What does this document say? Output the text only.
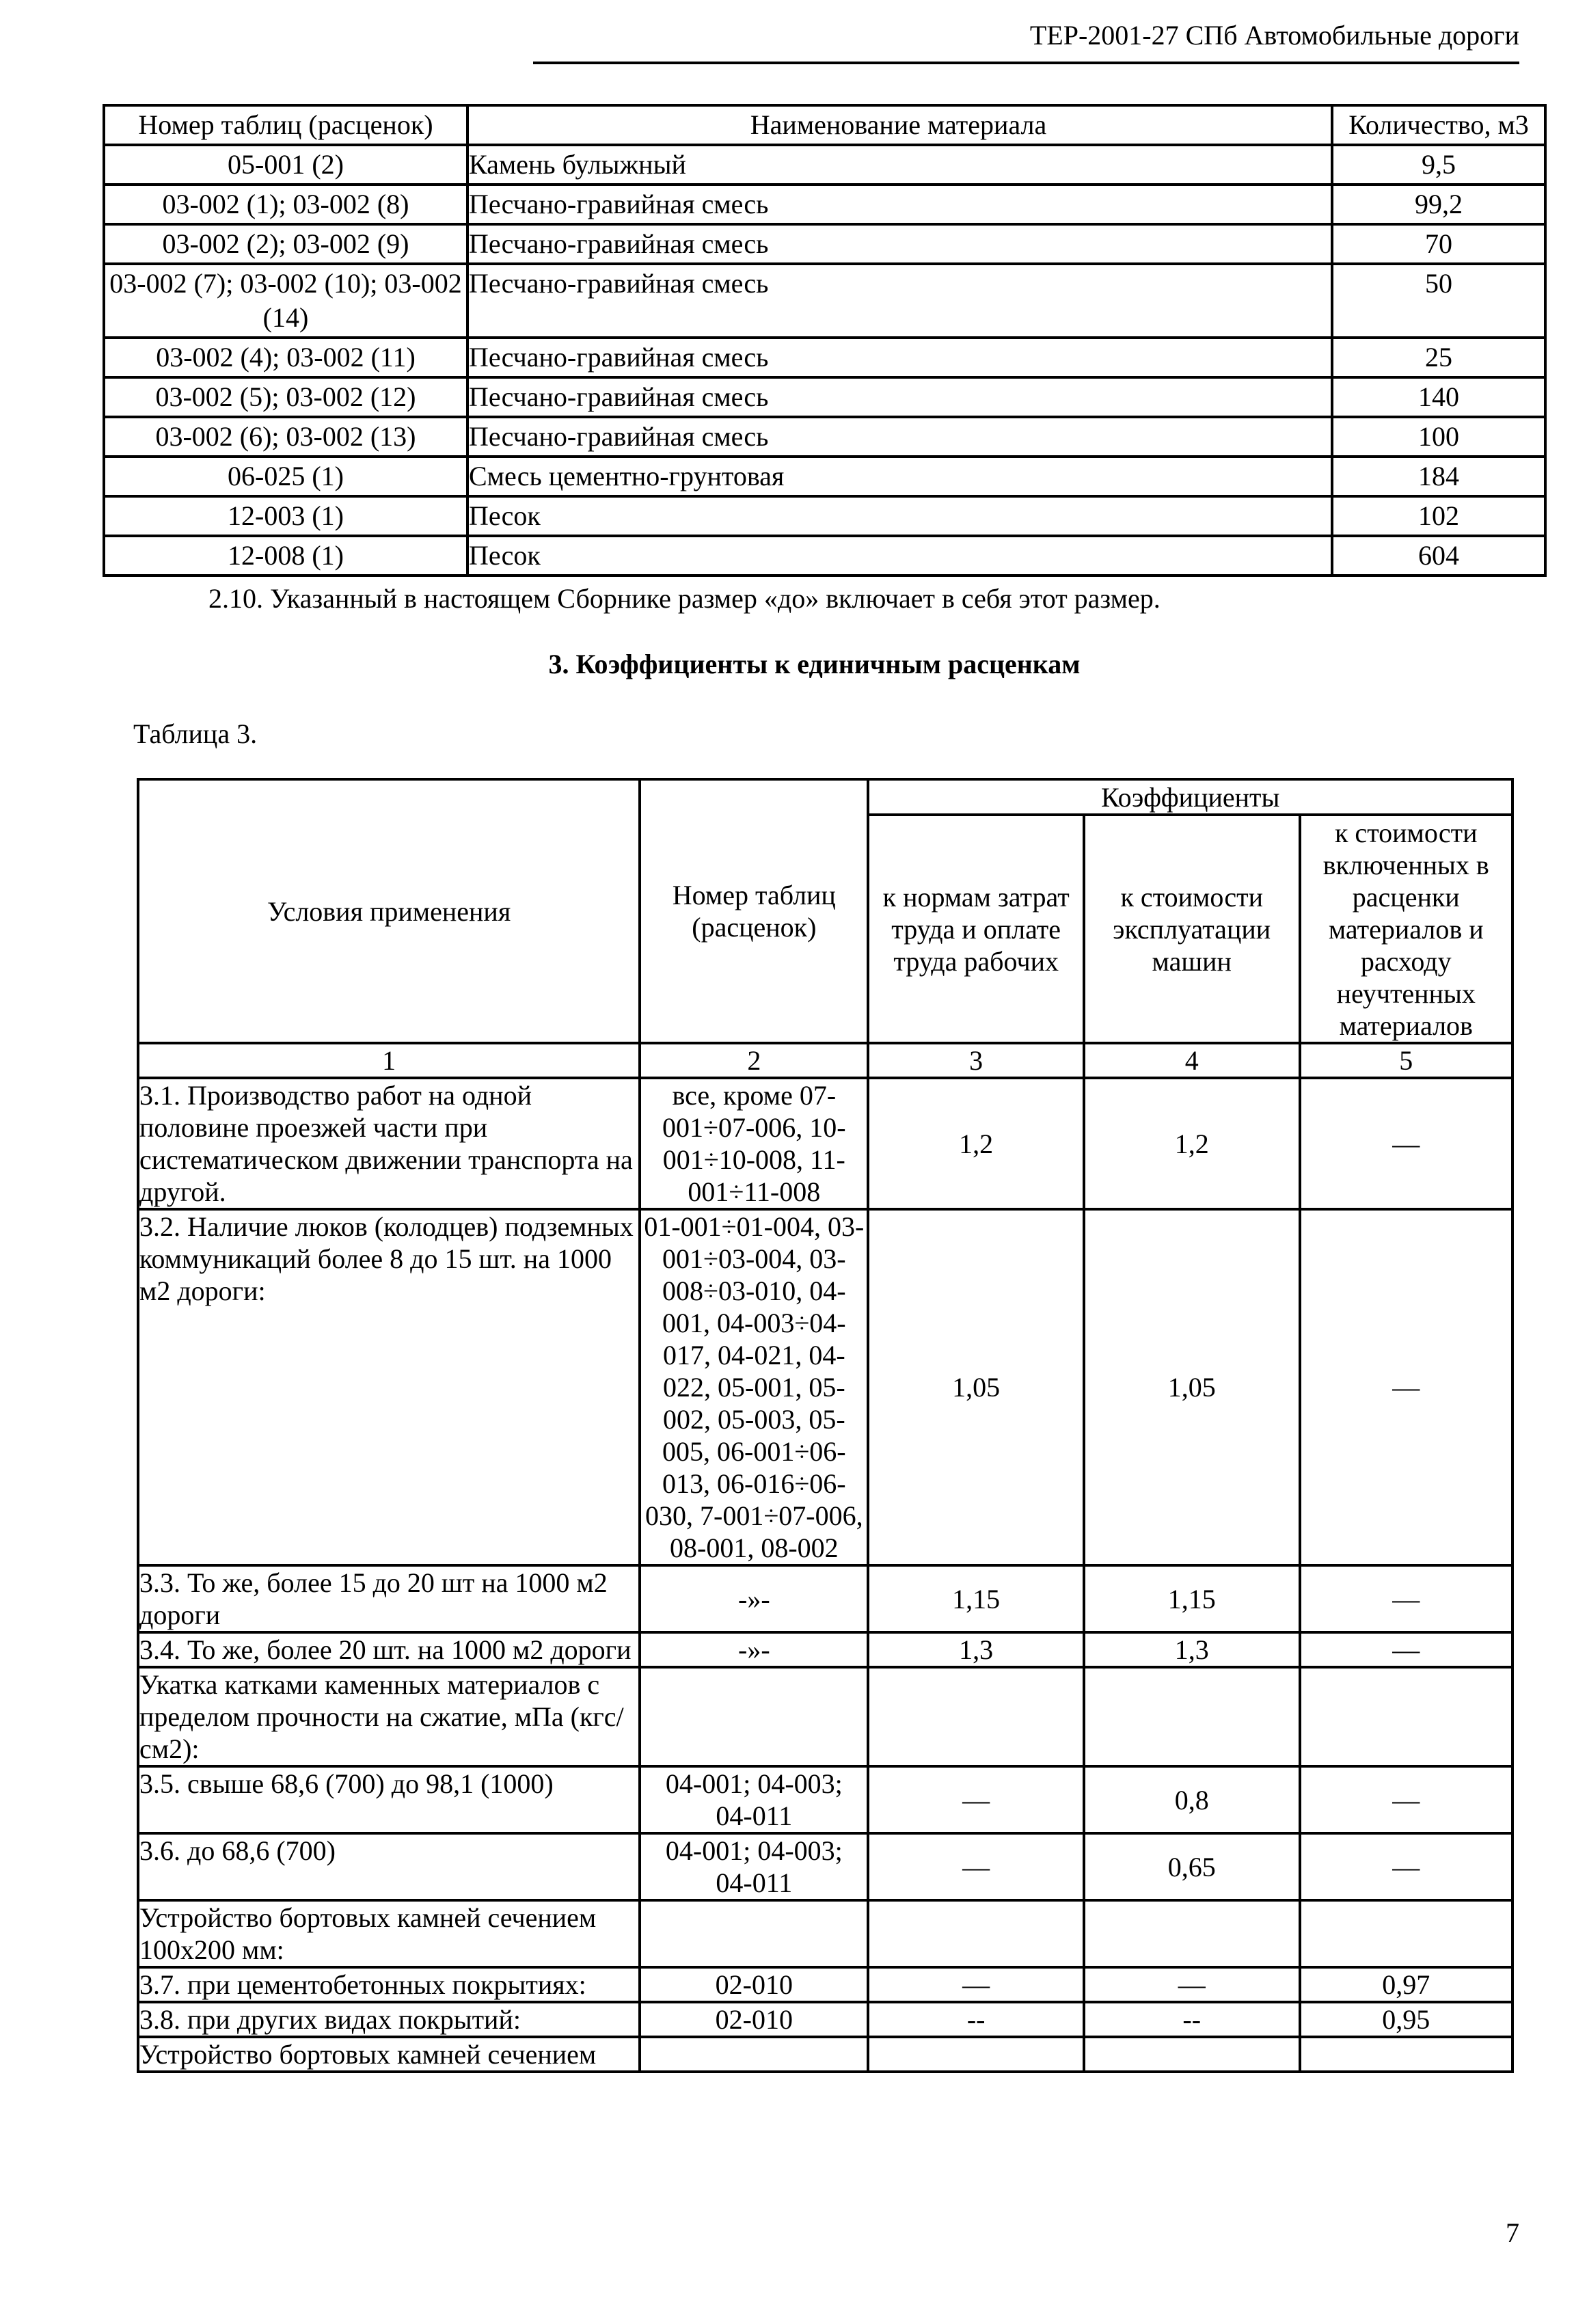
ТЕР-2001-27 СПб Автомобильные дороги
Номер таблиц (расценок)	Наименование материала	Количество, м3
05-001 (2)	Камень булыжный	9,5
03-002 (1); 03-002 (8)	Песчано-гравийная смесь	99,2
03-002 (2); 03-002 (9)	Песчано-гравийная смесь	70
03-002 (7); 03-002 (10); 03-002 (14)	Песчано-гравийная смесь	50
03-002 (4); 03-002 (11)	Песчано-гравийная смесь	25
03-002 (5); 03-002 (12)	Песчано-гравийная смесь	140
03-002 (6); 03-002 (13)	Песчано-гравийная смесь	100
06-025 (1)	Смесь цементно-грунтовая	184
12-003 (1)	Песок	102
12-008 (1)	Песок	604
2.10. Указанный в настоящем Сборнике размер «до» включает в себя этот размер.
3. Коэффициенты к единичным расценкам
Таблица 3.
Условия применения	Номер таблиц (расценок)	Коэффициенты		
		к нормам затрат труда и оплате труда рабочих	к стоимости эксплуатации машин	к стоимости включенных в расценки материалов и расходу неучтенных материалов
1	2	3	4	5
3.1. Производство работ на одной половине проезжей части при систематическом движении транспорта на другой.	все, кроме 07-001÷07-006, 10-001÷10-008, 11-001÷11-008	1,2	1,2	—
3.2. Наличие люков (колодцев) подземных коммуникаций более 8 до 15 шт. на 1000 м2 дороги:	01-001÷01-004, 03-001÷03-004, 03-008÷03-010, 04-001, 04-003÷04-017, 04-021, 04-022, 05-001, 05-002, 05-003, 05-005, 06-001÷06-013, 06-016÷06-030, 7-001÷07-006, 08-001, 08-002	1,05	1,05	—
3.3. То же, более 15 до 20 шт на 1000 м2 дороги	-»-	1,15	1,15	—
3.4. То же, более 20 шт. на 1000 м2 дороги	-»-	1,3	1,3	—
Укатка катками каменных материалов с пределом прочности на сжатие, мПа (кгс/см2):				
3.5. свыше 68,6 (700) до 98,1 (1000)	04-001; 04-003; 04-011	—	0,8	—
3.6. до 68,6 (700)	04-001; 04-003; 04-011	—	0,65	—
Устройство бортовых камней сечением 100x200 мм:				
3.7. при цементобетонных покрытиях:	02-010	—	—	0,97
3.8. при других видах покрытий:	02-010	--	--	0,95
Устройство бортовых камней сечением				
7
